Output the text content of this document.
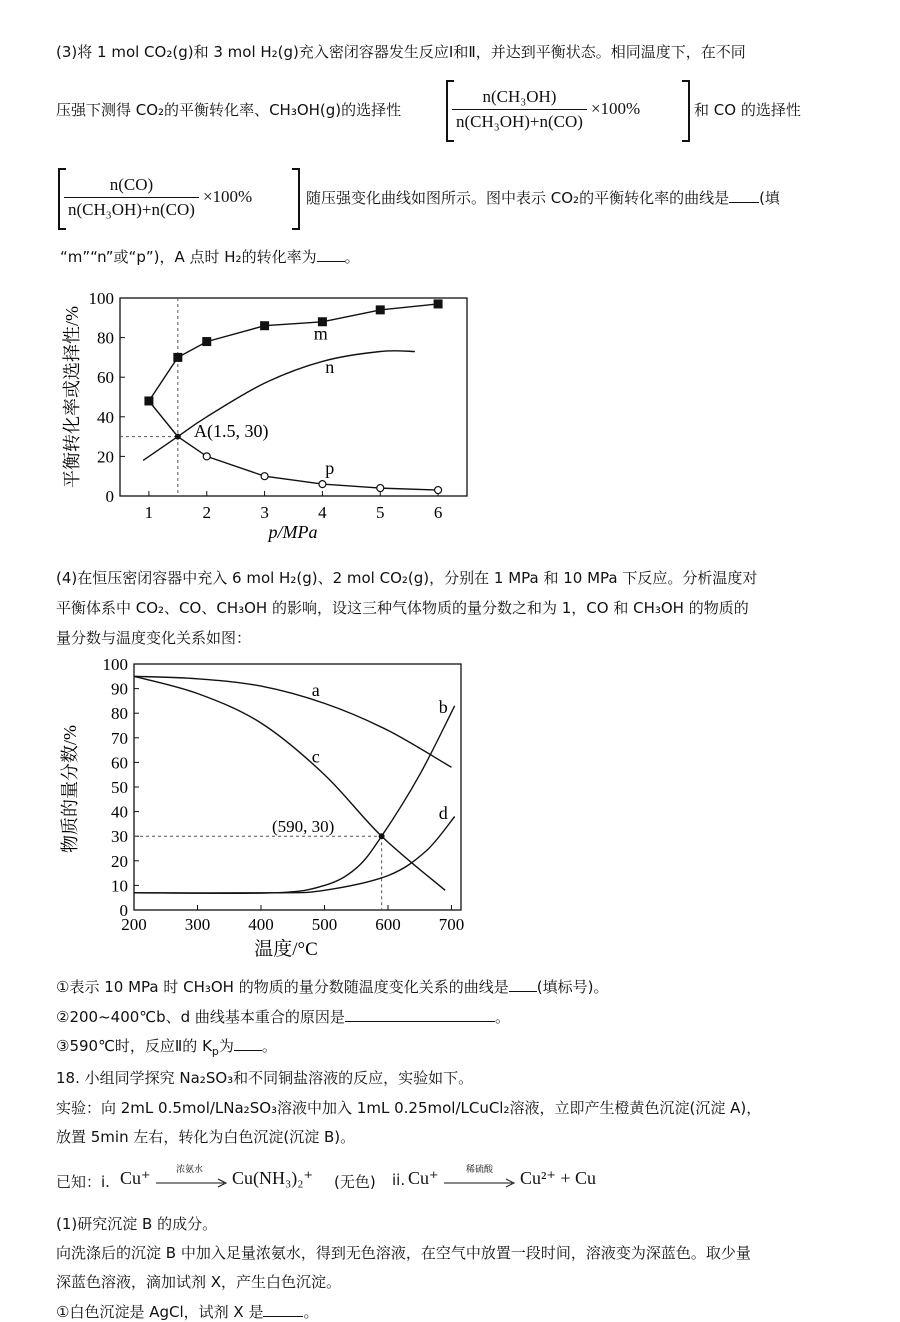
(3)将 1 mol CO₂(g)和 3 mol H₂(g)充入密闭容器发生反应Ⅰ和Ⅱ，并达到平衡状态。相同温度下，在不同
压强下测得 CO₂的平衡转化率、CH₃OH(g)的选择性	$\frac{\text{n(CH₃OH)}}{\text{n(CH₃OH)+n(CO)}} \times 100\%$	和 CO 的选择性
$\frac{n(CO)}{\text{n(CH₃OH)+n(CO)}} \times 100\%$	随压强变化曲线如图所示。图中表示 CO₂的平衡转化率的曲线是 (填
“m”“n”或“p”)，A 点时 H₂的转化率为 。
1	2	3	4	5	6
0
20
40
60
80
100
m
n
p
平衡转化率或选择性/%
p/MPa
A(1.5, 30)
(4)在恒压密闭容器中充入 6 mol H₂(g)、2 mol CO₂(g)，分别在 1 MPa 和 10 MPa 下反应。分析温度对
平衡体系中 CO₂、CO、CH₃OH 的影响，设这三种气体物质的量分数之和为 1，CO 和 CH₃OH 的物质的
量分数与温度变化关系如图：
200 300 400 500 600 700
0
10
20
30
40
50
60
70
80
90
100
a
b
c
d
物质的量分数/%
温度/°C
(590, 30)
①表示 10 MPa 时 CH₃OH 的物质的量分数随温度变化关系的曲线是 (填标号)。
②200~400℃b、d 曲线基本重合的原因是	。
③590℃时，反应Ⅱ的 $K_p$为 。
18. 小组同学探究 Na₂SO₃和不同铜盐溶液的反应，实验如下。
实验：向 2mL 0.5mol/LNa₂SO₃溶液中加入 1mL 0.25mol/LCuCl₂溶液，立即产生橙黄色沉淀(沉淀 A)，
放置 5min 左右，转化为白色沉淀(沉淀 B)。
已知：i. Cu⁺	浓氨水 Cu(NH₃)₂⁺ (无色) ii. Cu⁺	稀硫酸 Cu²⁺ + Cu
(1)研究沉淀 B 的成分。
向洗涤后的沉淀 B 中加入足量浓氨水，得到无色溶液，在空气中放置一段时间，溶液变为深蓝色。取少量
深蓝色溶液，滴加试剂 X，产生白色沉淀。
①白色沉淀是 AgCl，试剂 X 是	。
